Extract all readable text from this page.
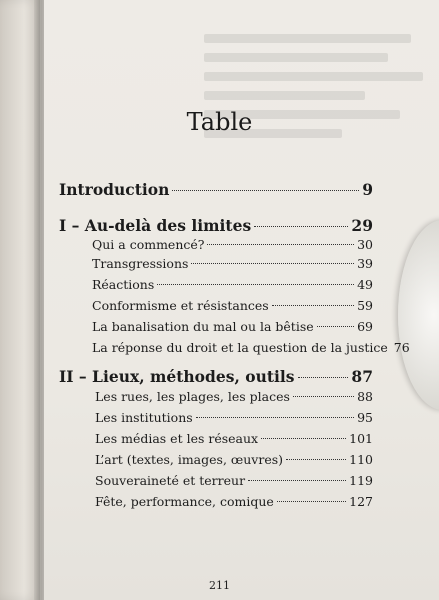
Table
Introduction	9
I – Au-delà des limites	29
Qui a commencé?	30
Transgressions	39
Réactions	49
Conformisme et résistances	59
La banalisation du mal ou la bêtise	69
La réponse du droit et la question de la justice 76
II – Lieux, méthodes, outils	87
Les rues, les plages, les places	88
Les institutions	95
Les médias et les réseaux	101
L’art (textes, images, œuvres)	110
Souveraineté et terreur	119
Fête, performance, comique	127
211
